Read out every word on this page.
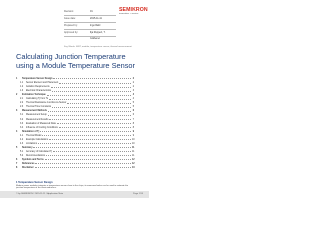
Revision:	01
Issue date:	2015-11-11
Prepared by:	Ingo Rabl
Approved by:	Ilja Ruppert, T. Gräbener
SEMIKRON
innovation + service
Key Words: IGBT, module, temperature sensor, thermal measurement
Calculating Junction Temperature using a Module Temperature Sensor
1	Temperature Sensor Design	2
1.1	Sensor Element and Placement	2
1.2	Isolation Requirements	2
1.3	Electrical Characteristics	3
2	Estimation Technique	4
2.1	Calculating Tj from Ts	4
2.2	Thermal Resistance Junction-to-Sensor	5
2.3	Thermal Time Constants	5
3	Measurement Methods	6
3.1	Measurement Setup	6
3.2	Measurement Results	7
3.3	Evaluation of Measured Data	8
3.4	Influence of Cooling Conditions	8
4	Simulation of Tj	9
4.1	Thermal Model	9
4.2	Example Calculations	10
4.3	Limitations	10
5	Summary	11
5.1	Accuracy of Calculated Tj	11
5.2	Recommendations	11
6	Symbols and Terms	12
7	References	12
8	Disclaimer	13
1 Temperature Sensor Design
Modern power modules integrate a temperature sensor close to the chips; its measured value can be used to estimate the junction temperature of the semiconductors.
© by SEMIKRON / 2015-11-11 / Application Note	Page 1/13
